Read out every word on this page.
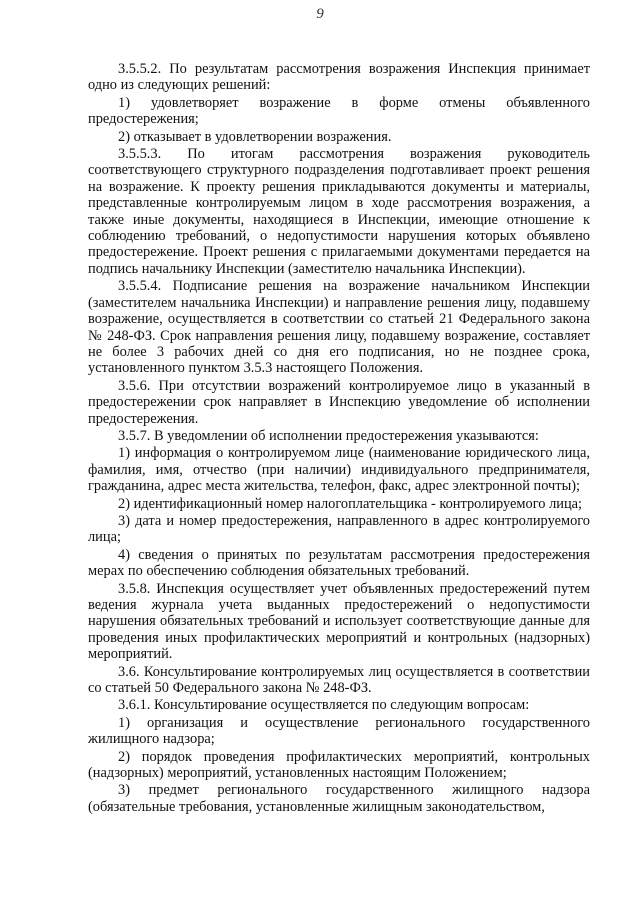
9

3.5.5.2. По результатам рассмотрения возражения Инспекция принимает одно из следующих решений:

1) удовлетворяет возражение в форме отмены объявленного предостережения;

2) отказывает в удовлетворении возражения.

3.5.5.3. По итогам рассмотрения возражения руководитель соответствующего структурного подразделения подготавливает проект решения на возражение. К проекту решения прикладываются документы и материалы, представленные контролируемым лицом в ходе рассмотрения возражения, а также иные документы, находящиеся в Инспекции, имеющие отношение к соблюдению требований, о недопустимости нарушения которых объявлено предостережение. Проект решения с прилагаемыми документами передается на подпись начальнику Инспекции (заместителю начальника Инспекции).

3.5.5.4. Подписание решения на возражение начальником Инспекции (заместителем начальника Инспекции) и направление решения лицу, подавшему возражение, осуществляется в соответствии со статьей 21 Федерального закона № 248-ФЗ. Срок направления решения лицу, подавшему возражение, составляет не более 3 рабочих дней со дня его подписания, но не позднее срока, установленного пунктом 3.5.3 настоящего Положения.

3.5.6. При отсутствии возражений контролируемое лицо в указанный в предостережении срок направляет в Инспекцию уведомление об исполнении предостережения.

3.5.7. В уведомлении об исполнении предостережения указываются:

1) информация о контролируемом лице (наименование юридического лица, фамилия, имя, отчество (при наличии) индивидуального предпринимателя, гражданина, адрес места жительства, телефон, факс, адрес электронной почты);

2) идентификационный номер налогоплательщика - контролируемого лица;

3) дата и номер предостережения, направленного в адрес контролируемого лица;

4) сведения о принятых по результатам рассмотрения предостережения мерах по обеспечению соблюдения обязательных требований.

3.5.8. Инспекция осуществляет учет объявленных предостережений путем ведения журнала учета выданных предостережений о недопустимости нарушения обязательных требований и использует соответствующие данные для проведения иных профилактических мероприятий и контрольных (надзорных) мероприятий.

3.6. Консультирование контролируемых лиц осуществляется в соответствии со статьей 50 Федерального закона № 248-ФЗ.

3.6.1. Консультирование осуществляется по следующим вопросам:

1) организация и осуществление регионального государственного жилищного надзора;

2) порядок проведения профилактических мероприятий, контрольных (надзорных) мероприятий, установленных настоящим Положением;

3) предмет регионального государственного жилищного надзора (обязательные требования, установленные жилищным законодательством,
